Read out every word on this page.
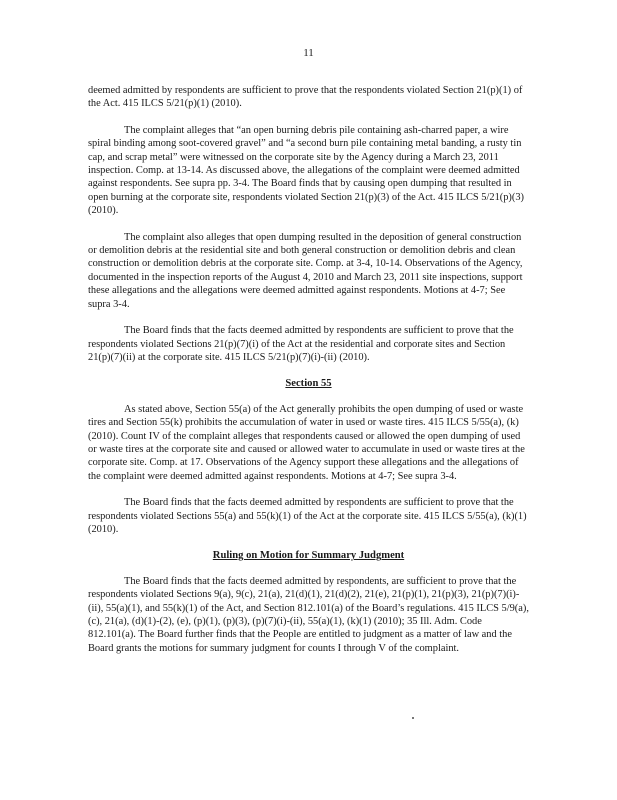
11

deemed admitted by respondents are sufficient to prove that the respondents violated Section 21(p)(1) of the Act. 415 ILCS 5/21(p)(1) (2010).

The complaint alleges that “an open burning debris pile containing ash-charred paper, a wire spiral binding among soot-covered gravel” and “a second burn pile containing metal banding, a rusty tin cap, and scrap metal” were witnessed on the corporate site by the Agency during a March 23, 2011 inspection. Comp. at 13-14. As discussed above, the allegations of the complaint were deemed admitted against respondents. See supra pp. 3-4. The Board finds that by causing open dumping that resulted in open burning at the corporate site, respondents violated Section 21(p)(3) of the Act. 415 ILCS 5/21(p)(3) (2010).

The complaint also alleges that open dumping resulted in the deposition of general construction or demolition debris at the residential site and both general construction or demolition debris and clean construction or demolition debris at the corporate site. Comp. at 3-4, 10-14. Observations of the Agency, documented in the inspection reports of the August 4, 2010 and March 23, 2011 site inspections, support these allegations and the allegations were deemed admitted against respondents. Motions at 4-7; See supra 3-4.

The Board finds that the facts deemed admitted by respondents are sufficient to prove that the respondents violated Sections 21(p)(7)(i) of the Act at the residential and corporate sites and Section 21(p)(7)(ii) at the corporate site. 415 ILCS 5/21(p)(7)(i)-(ii) (2010).

Section 55

As stated above, Section 55(a) of the Act generally prohibits the open dumping of used or waste tires and Section 55(k) prohibits the accumulation of water in used or waste tires. 415 ILCS 5/55(a), (k) (2010). Count IV of the complaint alleges that respondents caused or allowed the open dumping of used or waste tires at the corporate site and caused or allowed water to accumulate in used or waste tires at the corporate site. Comp. at 17. Observations of the Agency support these allegations and the allegations of the complaint were deemed admitted against respondents. Motions at 4-7; See supra 3-4.

The Board finds that the facts deemed admitted by respondents are sufficient to prove that the respondents violated Sections 55(a) and 55(k)(1) of the Act at the corporate site. 415 ILCS 5/55(a), (k)(1) (2010).

Ruling on Motion for Summary Judgment

The Board finds that the facts deemed admitted by respondents, are sufficient to prove that the respondents violated Sections 9(a), 9(c), 21(a), 21(d)(1), 21(d)(2), 21(e), 21(p)(1), 21(p)(3), 21(p)(7)(i)-(ii), 55(a)(1), and 55(k)(1) of the Act, and Section 812.101(a) of the Board’s regulations. 415 ILCS 5/9(a), (c), 21(a), (d)(1)-(2), (e), (p)(1), (p)(3), (p)(7)(i)-(ii), 55(a)(1), (k)(1) (2010); 35 Ill. Adm. Code 812.101(a). The Board further finds that the People are entitled to judgment as a matter of law and the Board grants the motions for summary judgment for counts I through V of the complaint.
